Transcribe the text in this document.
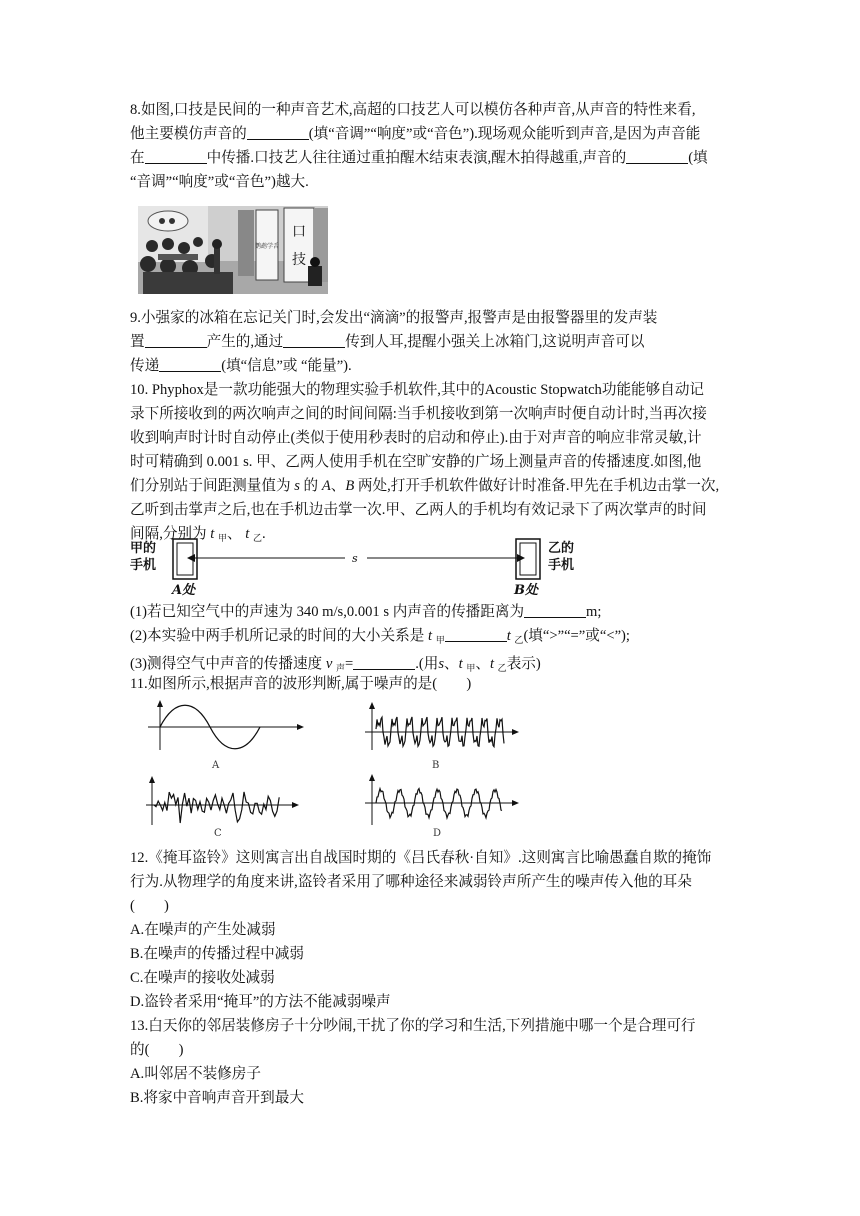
8.如图,口技是民间的一种声音艺术,高超的口技艺人可以模仿各种声音,从声音的特性来看,
他主要模仿声音的	(填“音调”“响度”或“音色”).现场观众能听到声音,是因为声音能
在	中传播.口技艺人往往通过重拍醒木结束表演,醒木拍得越重,声音的	(填
“音调”“响度”或“音色”)越大.
口
技
鹦鹉学舌
9.小强家的冰箱在忘记关门时,会发出“滴滴”的报警声,报警声是由报警器里的发声装
置	产生的,通过	传到人耳,提醒小强关上冰箱门,这说明声音可以
传递	(填“信息”或 “能量”).
10. Phyphox是一款功能强大的物理实验手机软件,其中的Acoustic Stopwatch功能能够自动记
录下所接收到的两次响声之间的时间间隔:当手机接收到第一次响声时便自动计时,当再次接
收到响声时计时自动停止(类似于使用秒表时的启动和停止).由于对声音的响应非常灵敏,计
时可精确到 0.001 s. 甲、乙两人使用手机在空旷安静的广场上测量声音的传播速度.如图,他
们分别站于间距测量值为 s 的 A、B 两处,打开手机软件做好计时准备.甲先在手机边击掌一次,
乙听到击掌声之后,也在手机边击掌一次.甲、乙两人的手机均有效记录下了两次掌声的时间
间隔,分别为 t $_甲$、 t $_乙$.
甲的
手机	s
乙的
手机
A处	B处
(1)若已知空气中的声速为 340 m/s,0.001 s 内声音的传播距离为	m;
(2)本实验中两手机所记录的时间的大小关系是 t $_甲$	t $_乙$(填“>”“=”或“<”);
(3)测得空气中声音的传播速度 v $_声$=	.(用s、t $_甲$、t $_乙$表示)
11.如图所示,根据声音的波形判断,属于噪声的是(　　)
A	B
C	D
12.《掩耳盗铃》这则寓言出自战国时期的《吕氏春秋·自知》.这则寓言比喻愚蠢自欺的掩饰
行为.从物理学的角度来讲,盗铃者采用了哪种途径来减弱铃声所产生的噪声传入他的耳朵
(　　)
A.在噪声的产生处减弱
B.在噪声的传播过程中减弱
C.在噪声的接收处减弱
D.盗铃者采用“掩耳”的方法不能减弱噪声
13.白天你的邻居装修房子十分吵闹,干扰了你的学习和生活,下列措施中哪一个是合理可行
的(　　)
A.叫邻居不装修房子
B.将家中音响声音开到最大
